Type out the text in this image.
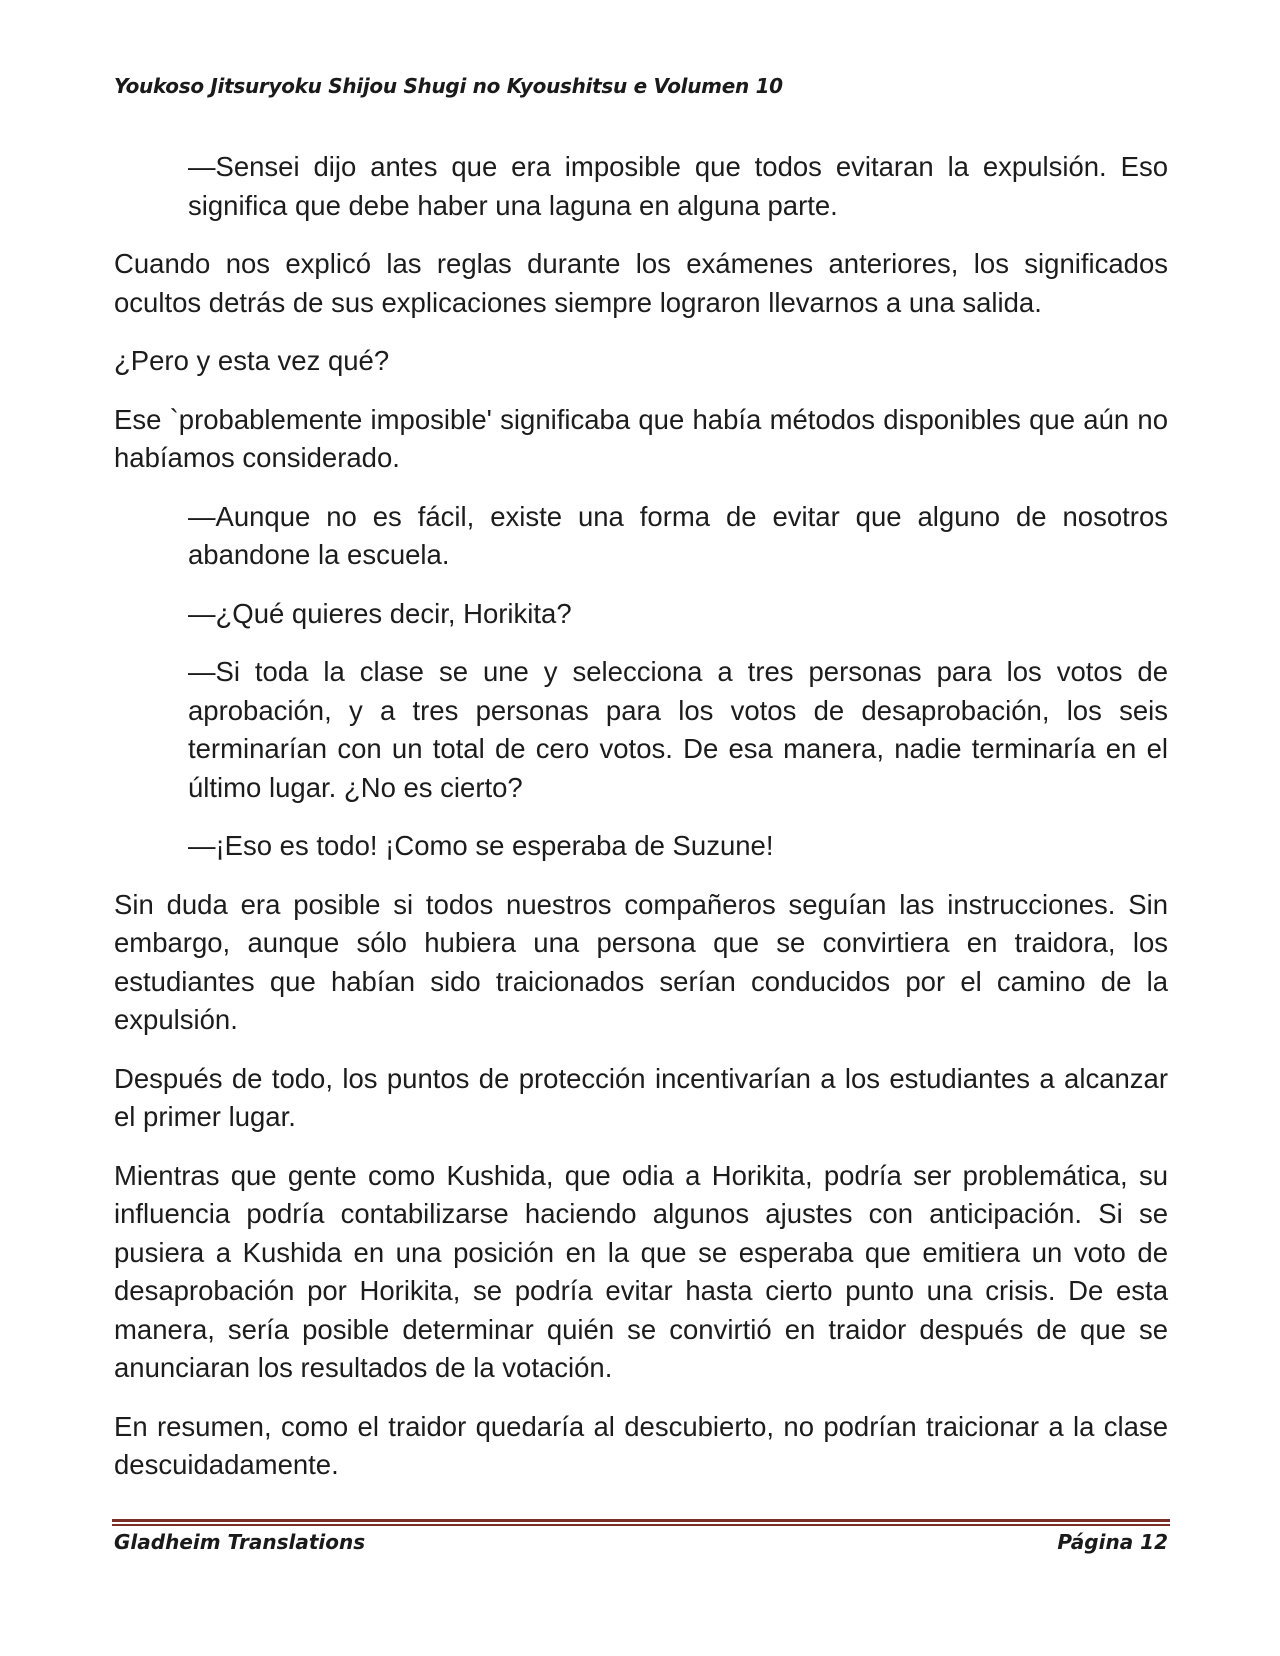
Youkoso Jitsuryoku Shijou Shugi no Kyoushitsu e Volumen 10

—Sensei dijo antes que era imposible que todos evitaran la expulsión. Eso significa que debe haber una laguna en alguna parte.

Cuando nos explicó las reglas durante los exámenes anteriores, los significados ocultos detrás de sus explicaciones siempre lograron llevarnos a una salida.

¿Pero y esta vez qué?

Ese `probablemente imposible' significaba que había métodos disponibles que aún no habíamos considerado.

—Aunque no es fácil, existe una forma de evitar que alguno de nosotros abandone la escuela.

—¿Qué quieres decir, Horikita?

—Si toda la clase se une y selecciona a tres personas para los votos de aprobación, y a tres personas para los votos de desaprobación, los seis terminarían con un total de cero votos. De esa manera, nadie terminaría en el último lugar. ¿No es cierto?

—¡Eso es todo! ¡Como se esperaba de Suzune!

Sin duda era posible si todos nuestros compañeros seguían las instrucciones. Sin embargo, aunque sólo hubiera una persona que se convirtiera en traidora, los estudiantes que habían sido traicionados serían conducidos por el camino de la expulsión.

Después de todo, los puntos de protección incentivarían a los estudiantes a alcanzar el primer lugar.

Mientras que gente como Kushida, que odia a Horikita, podría ser problemática, su influencia podría contabilizarse haciendo algunos ajustes con anticipación. Si se pusiera a Kushida en una posición en la que se esperaba que emitiera un voto de desaprobación por Horikita, se podría evitar hasta cierto punto una crisis. De esta manera, sería posible determinar quién se convirtió en traidor después de que se anunciaran los resultados de la votación.

En resumen, como el traidor quedaría al descubierto, no podrían traicionar a la clase descuidadamente.

Gladheim Translations	Página 12
